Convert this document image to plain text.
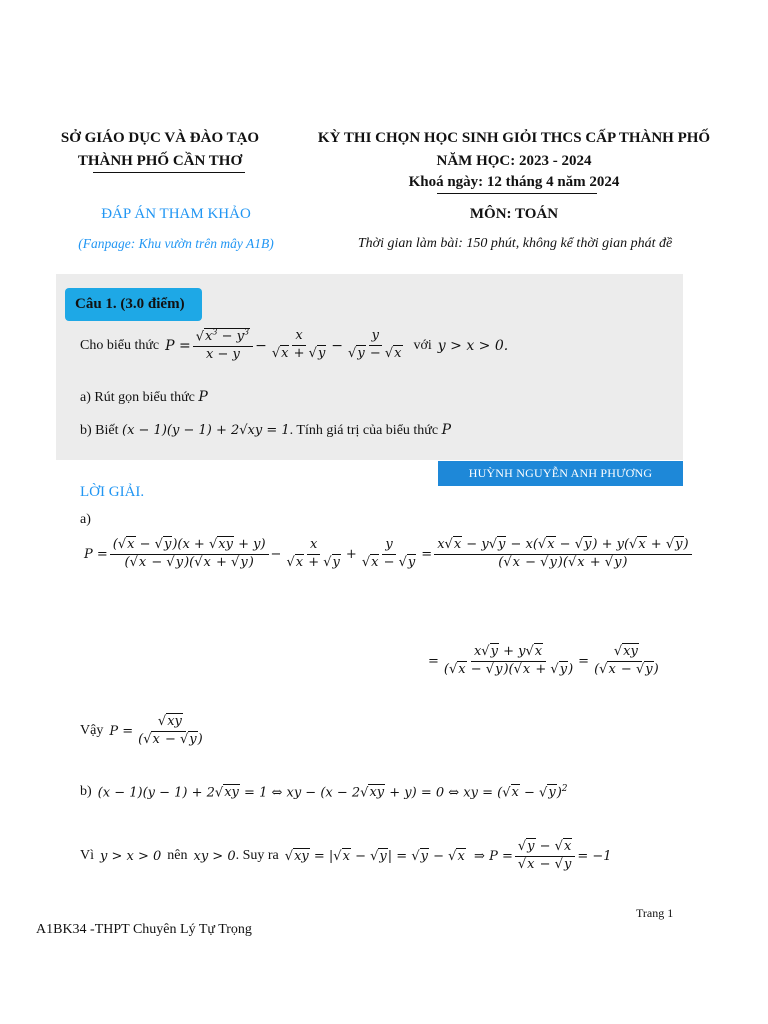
SỞ GIÁO DỤC VÀ ĐÀO TẠO
THÀNH PHỐ CẦN THƠ
KỲ THI CHỌN HỌC SINH GIỎI THCS CẤP THÀNH PHỐ
NĂM HỌC: 2023 - 2024
Khoá ngày: 12 tháng 4 năm 2024
ĐÁP ÁN THAM KHẢO
(Fanpage: Khu vườn trên mây A1B)
MÔN: TOÁN
Thời gian làm bài: 150 phút, không kể thời gian phát đề
Câu 1. (3.0 điểm)
Cho biểu thức $P = \frac{√x^3 - y^3}{x - y} - \frac{x}{√x + √y} - \frac{y}{√y - √x}$ với y > x > 0.
a) Rút gọn biểu thức P
b) Biết (x − 1)(y − 1) + 2√xy = 1. Tính giá trị của biểu thức P
HUỲNH NGUYỄN ANH PHƯƠNG
LỜI GIẢI.
a)
$P = \frac{(√x - √y)(x + √xy + y)}{(√x - √y)(√x + √y)} - \frac{x}{√x + √y} + \frac{y}{√x - √y} = \frac{x√x - y√y - x(√x - √y) + y(√x + √y)}{(√x - √y)(√x + √y)}$
= $\frac{x√y + y√x}{(√x - √y)(√x + √y)} = \frac{√xy}{(√x - √y)}$
Vậy $P = \frac{√xy}{(√x - √y)}$
b) (x − 1)(y − 1) + 2√xy = 1 ⇔ xy − (x − 2√xy + y) = 0 ⇔ xy = $(√x - √y)^2$
Vì y > x > 0 nên xy > 0 . Suy ra √xy = |√x − √y| = √y − √x  ⇒ $P = \frac{√y - √x}{√x - √y} = -1$
Trang 1
A1BK34 -THPT Chuyên Lý Tự Trọng
